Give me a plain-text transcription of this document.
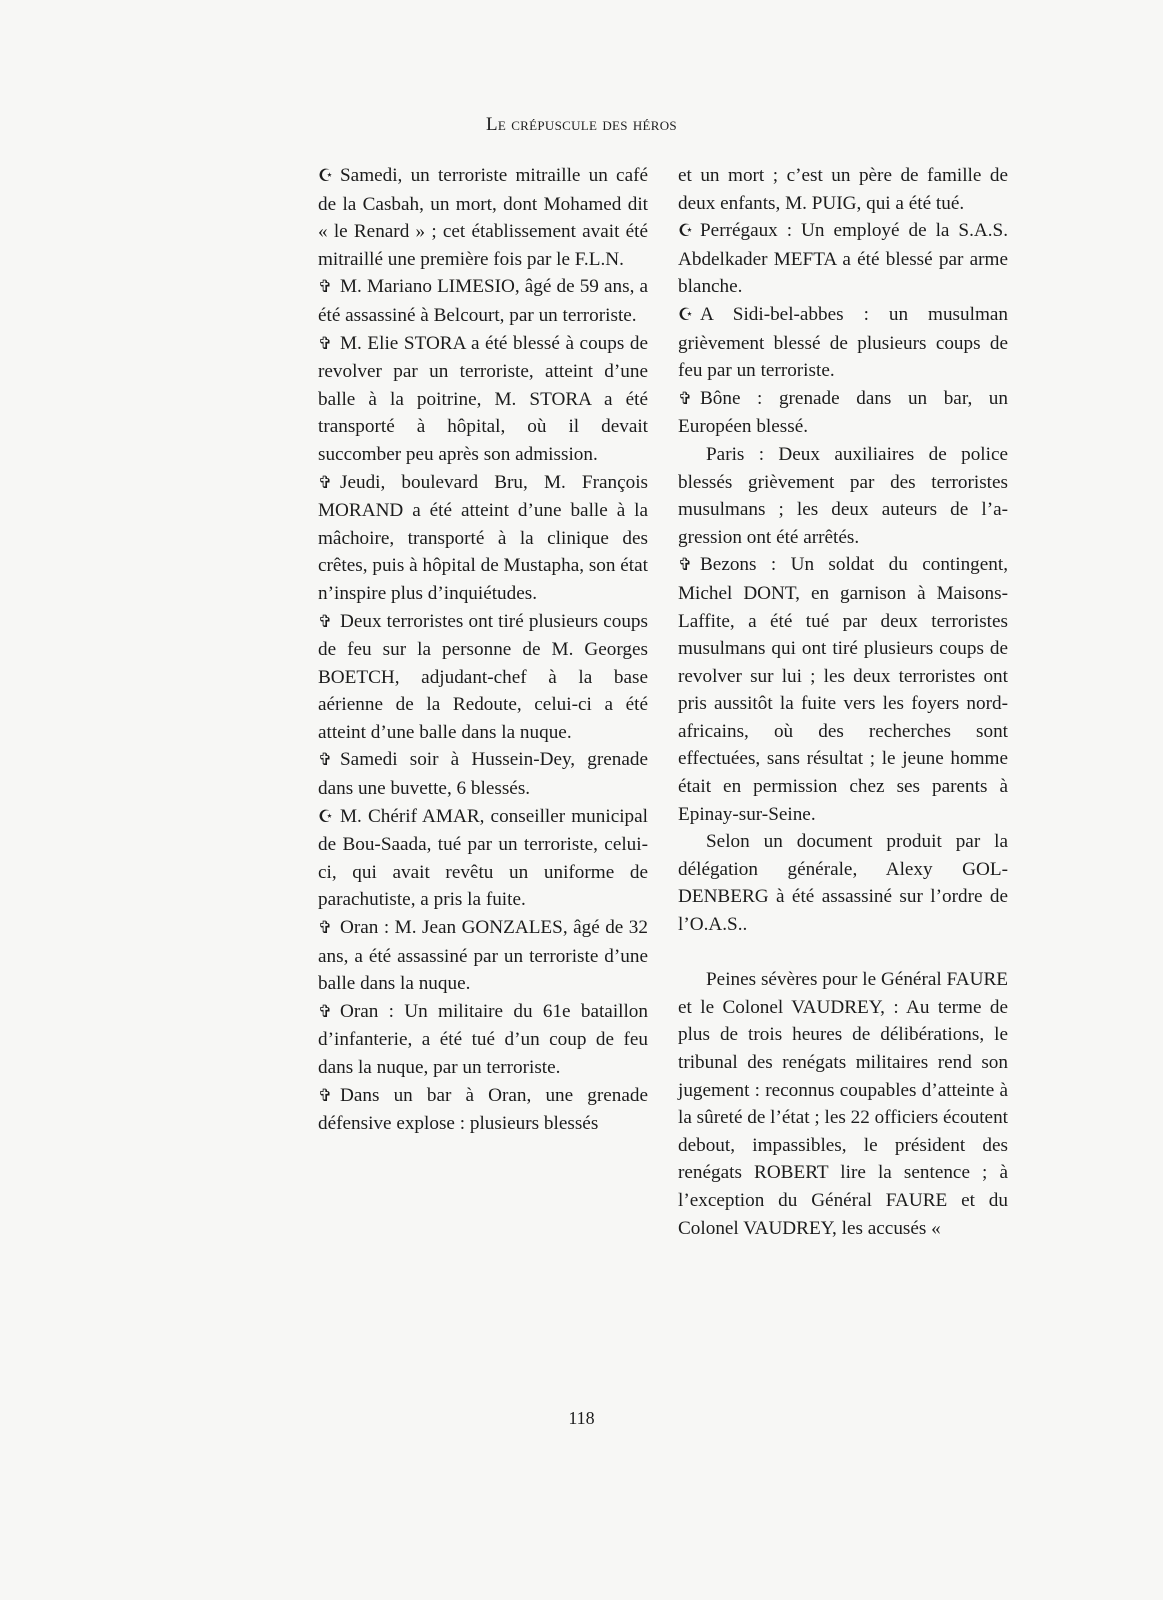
Le crépuscule des héros

☪ Samedi, un terroriste mitraille un café de la Casbah, un mort, dont Mohamed dit « le Renard » ; cet établissement avait été mitraillé une première fois par le F.L.N.

✞ M. Mariano LIMESIO, âgé de 59 ans, a été assassiné à Belcourt, par un terroriste.

✞ M. Elie STORA a été blessé à coups de revolver par un terroriste, atteint d’une balle à la poitrine, M. STORA a été transporté à hôpital, où il devait succomber peu après son admission.

✞ Jeudi, boulevard Bru, M. François MORAND a été atteint d’une balle à la mâchoire, transporté à la clinique des crêtes, puis à hôpital de Mustapha, son état n’inspire plus d’inquiétudes.

✞ Deux terroristes ont tiré plusieurs coups de feu sur la personne de M. Georges BOETCH, adjudant-chef à la base aérienne de la Redoute, celui-ci a été atteint d’une balle dans la nuque.

✞ Samedi soir à Hussein-Dey, grenade dans une buvette, 6 blessés.

☪ M. Chérif AMAR, conseiller municipal de Bou-Saada, tué par un terroriste, celui-ci, qui avait revêtu un uniforme de parachutiste, a pris la fuite.

✞ Oran : M. Jean GONZALES, âgé de 32 ans, a été assassiné par un terroriste d’une balle dans la nuque.

✞ Oran : Un militaire du 61e bataillon d’infanterie, a été tué d’un coup de feu dans la nuque, par un terroriste.

✞ Dans un bar à Oran, une grenade défensive explose : plusieurs blessés

et un mort ; c’est un père de famille de deux enfants, M. PUIG, qui a été tué.

☪ Perrégaux : Un employé de la S.A.S. Abdelkader MEFTA a été blessé par arme blanche.

☪ A Sidi-bel-abbes : un musulman grièvement blessé de plusieurs coups de feu par un terroriste.

✞ Bône : grenade dans un bar, un Européen blessé.

Paris : Deux auxiliaires de police blessés grièvement par des terroristes musulmans ; les deux auteurs de l’agression ont été arrêtés.

✞ Bezons : Un soldat du contingent, Michel DONT, en garnison à Maisons-Laffite, a été tué par deux terroristes musulmans qui ont tiré plusieurs coups de revolver sur lui ; les deux terroristes ont pris aussitôt la fuite vers les foyers nord-africains, où des recherches sont effectuées, sans résultat ; le jeune homme était en permission chez ses parents à Epinay-sur-Seine.

Selon un document produit par la délégation générale, Alexy GOLDENBERG à été assassiné sur l’ordre de l’O.A.S..

Peines sévères pour le Général FAURE et le Colonel VAUDREY, : Au terme de plus de trois heures de délibérations, le tribunal des renégats militaires rend son jugement : reconnus coupables d’atteinte à la sûreté de l’état ; les 22 officiers écoutent debout, impassibles, le président des renégats ROBERT lire la sentence ; à l’exception du Général FAURE et du Colonel VAUDREY, les accusés «

118
